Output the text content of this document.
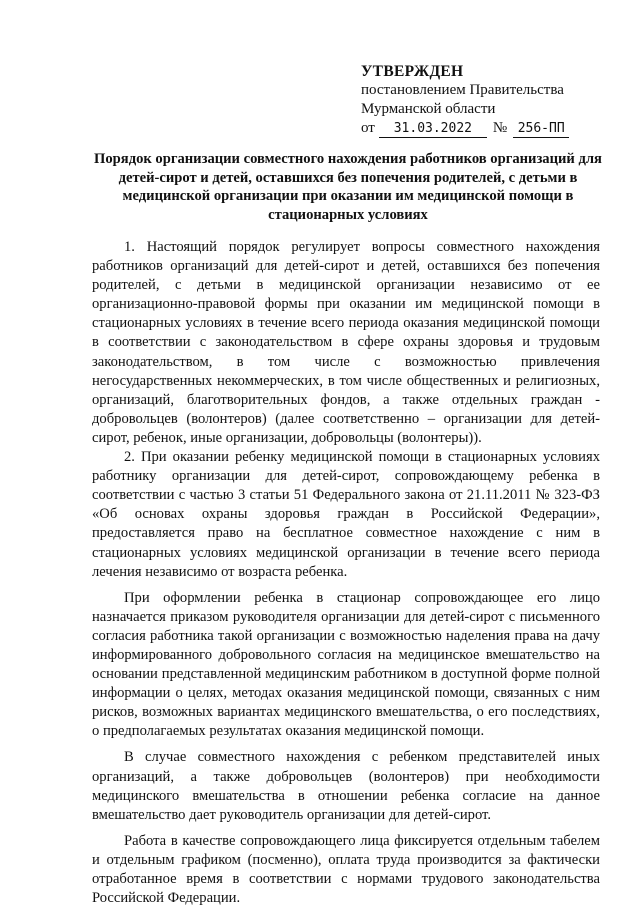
УТВЕРЖДЕН
постановлением Правительства
Мурманской области
от	31.03.2022	№ 256-ПП
Порядок организации совместного нахождения работников организаций для детей-сирот и детей, оставшихся без попечения родителей, с детьми в медицинской организации при оказании им медицинской помощи в стационарных условиях

1. Настоящий порядок регулирует вопросы совместного нахождения работников организаций для детей-сирот и детей, оставшихся без попечения родителей, с детьми в медицинской организации независимо от ее организационно-правовой формы при оказании им медицинской помощи в стационарных условиях в течение всего периода оказания медицинской помощи в соответствии с законодательством в сфере охраны здоровья и трудовым законодательством, в том числе с возможностью привлечения негосударственных некоммерческих, в том числе общественных и религиозных, организаций, благотворительных фондов, а также отдельных граждан - добровольцев (волонтеров) (далее соответственно – организации для детей-сирот, ребенок, иные организации, добровольцы (волонтеры)).

2. При оказании ребенку медицинской помощи в стационарных условиях работнику организации для детей-сирот, сопровождающему ребенка в соответствии с частью 3 статьи 51 Федерального закона от 21.11.2011 № 323-ФЗ «Об основах охраны здоровья граждан в Российской Федерации», предоставляется право на бесплатное совместное нахождение с ним в стационарных условиях медицинской организации в течение всего периода лечения независимо от возраста ребенка.

При оформлении ребенка в стационар сопровождающее его лицо назначается приказом руководителя организации для детей-сирот с письменного согласия работника такой организации с возможностью наделения права на дачу информированного добровольного согласия на медицинское вмешательство на основании представленной медицинским работником в доступной форме полной информации о целях, методах оказания медицинской помощи, связанных с ним рисков, возможных вариантах медицинского вмешательства, о его последствиях, о предполагаемых результатах оказания медицинской помощи.

В случае совместного нахождения с ребенком представителей иных организаций, а также добровольцев (волонтеров) при необходимости медицинского вмешательства в отношении ребенка согласие на данное вмешательство дает руководитель организации для детей-сирот.

Работа в качестве сопровождающего лица фиксируется отдельным табелем и отдельным графиком (посменно), оплата труда производится за фактически отработанное время в соответствии с нормами трудового законодательства Российской Федерации.
